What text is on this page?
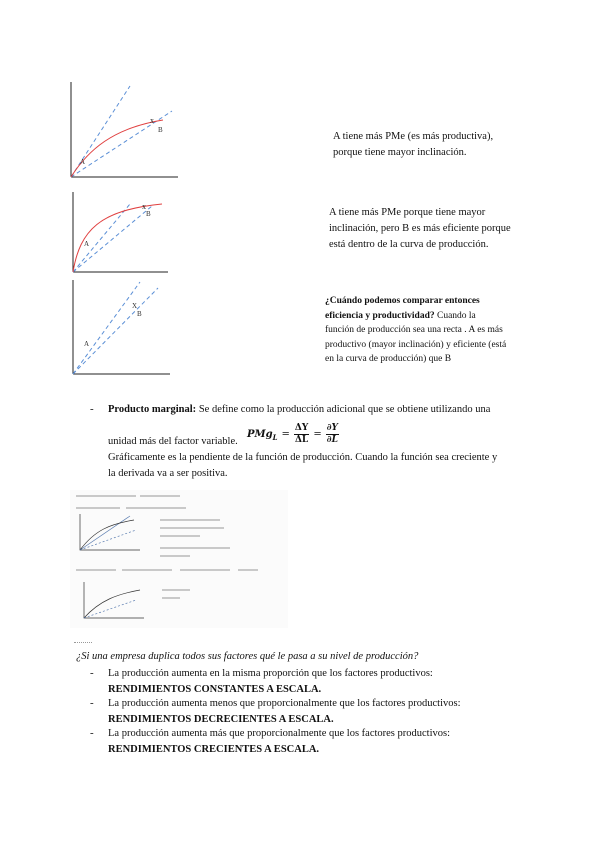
x
A
B
A tiene más PMe (es más productiva),
porque tiene mayor inclinación.
x
A
B	A tiene más PMe porque tiene mayor
inclinación, pero B es más eficiente porque
está dentro de la curva de producción.
A
X
B
¿Cuándo podemos comparar entonces
eficiencia y productividad? Cuando la
función de producción sea una recta . A es más
productivo (mayor inclinación) y eficiente (está
en la curva de producción) que B
- Producto marginal: Se define como la producción adicional que se obtiene utilizando una
unidad más del factor variable.
PMg $L = \frac{\Delta Y}{\Delta L} = \frac{\partial Y}{\partial L}$
Gráficamente es la pendiente de la función de producción. Cuando la función sea creciente y
la derivada va a ser positiva.
¿Si una empresa duplica todos sus factores qué le pasa a su nivel de producción?
- La producción aumenta en la misma proporción que los factores productivos:
RENDIMIENTOS CONSTANTES A ESCALA.
- La producción aumenta menos que proporcionalmente que los factores productivos:
RENDIMIENTOS DECRECIENTES A ESCALA.
- La producción aumenta más que proporcionalmente que los factores productivos:
RENDIMIENTOS CRECIENTES A ESCALA.
